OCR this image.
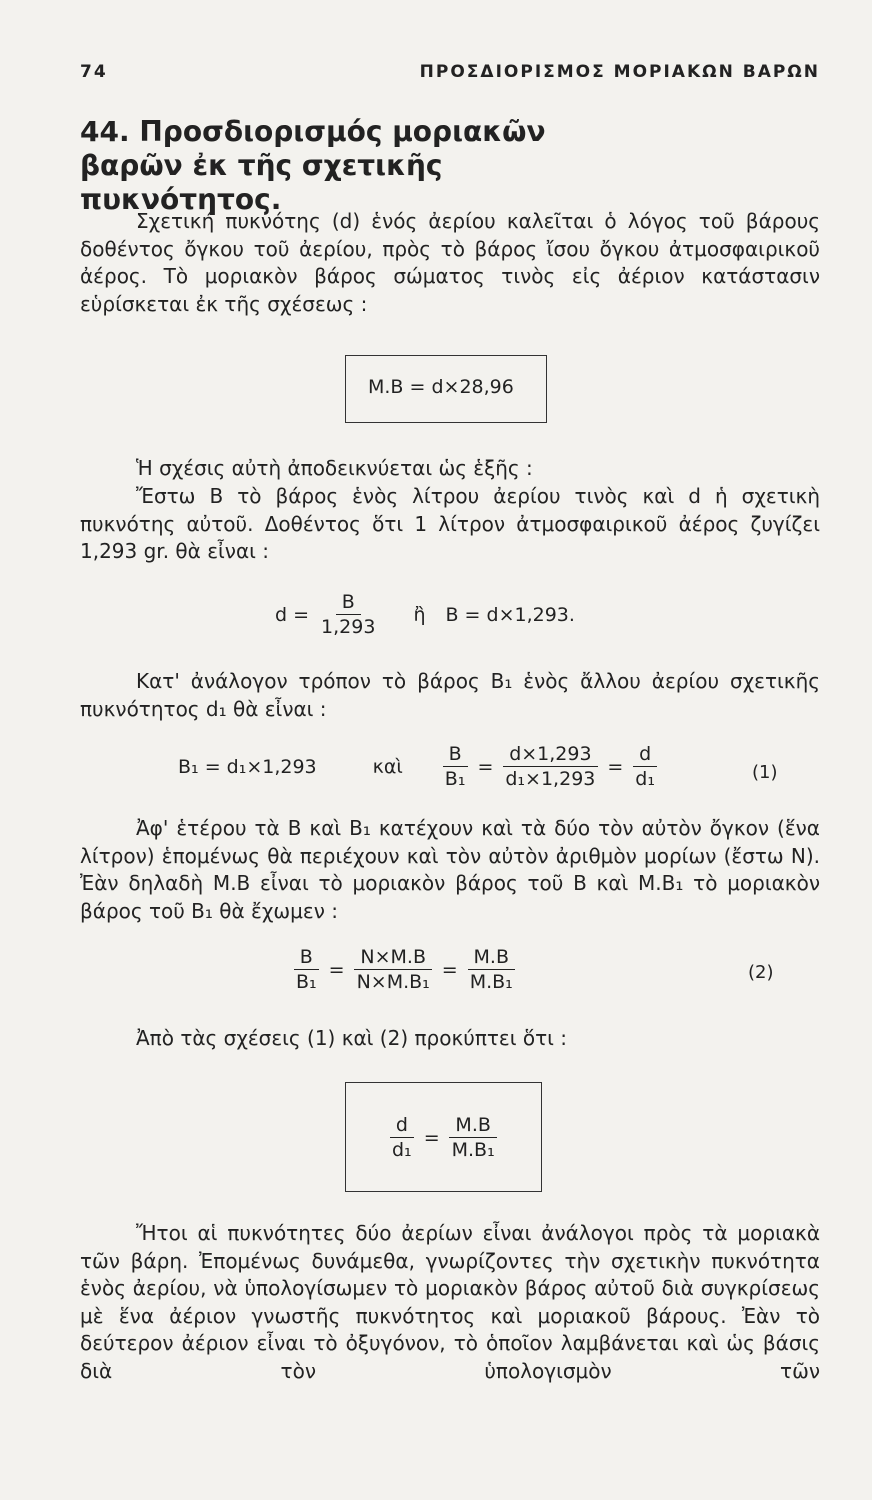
74	ΠΡΟΣΔΙΟΡΙΣΜΟΣ ΜΟΡΙΑΚΩΝ ΒΑΡΩΝ
44. Προσδιορισμός μοριακῶν βαρῶν ἐκ τῆς σχετικῆς πυκνότητος.
Σχετική πυκνότης (d) ἑνός ἀερίου καλεῖται ὁ λόγος τοῦ βάρους δοθέντος ὄγκου τοῦ ἀερίου, πρὸς τὸ βάρος ἴσου ὄγκου ἀτμοσφαιρικοῦ ἀέρος. Τὸ μοριακὸν βάρος σώματος τινὸς εἰς ἀέριον κατάστασιν εὑρίσκεται ἐκ τῆς σχέσεως :
Μ.Β = d×28,96
Ἡ σχέσις αὐτὴ ἀποδεικνύεται ὡς ἑξῆς :
Ἔστω Β τὸ βάρος ἑνὸς λίτρου ἀερίου τινὸς καὶ d ἡ σχετικὴ πυκνότης αὐτοῦ. Δοθέντος ὅτι 1 λίτρον ἀτμοσφαιρικοῦ ἀέρος ζυγίζει 1,293 gr. θὰ εἶναι :
$d = \frac{B}{1,293}$ ἢ Β = d×1,293.
Κατ' ἀνάλογον τρόπον τὸ βάρος Β₁ ἑνὸς ἄλλου ἀερίου σχετικῆς πυκνότητος d₁ θὰ εἶναι :
Β₁ = d₁×1,293	καὶ $\frac{B}{\text{Β₁}} = \frac{d\times 1,293}{\text{d₁×1,293}} = \frac{d}{\text{d₁}}$	(1)
Ἀφ' ἑτέρου τὰ Β καὶ Β₁ κατέχουν καὶ τὰ δύο τὸν αὐτὸν ὄγκον (ἕνα λίτρον) ἑπομένως θὰ περιέχουν καὶ τὸν αὐτὸν ἀριθμὸν μορίων (ἔστω Ν). Ἐὰν δηλαδὴ Μ.Β εἶναι τὸ μοριακὸν βάρος τοῦ Β καὶ Μ.Β₁ τὸ μοριακὸν βάρος τοῦ Β₁ θὰ ἔχωμεν :
$\frac{B}{\text{Β₁}} = \frac{N\times M.B}{\text{Ν×Μ.Β₁}} = \frac{M.B}{\text{Μ.Β₁}}$	(2)
Ἀπὸ τὰς σχέσεις (1) καὶ (2) προκύπτει ὅτι :
$\frac{d}{\text{d₁}} = \frac{M.B}{\text{Μ.Β₁}}$
Ἤτοι αἱ πυκνότητες δύο ἀερίων εἶναι ἀνάλογοι πρὸς τὰ μοριακὰ τῶν βάρη. Ἐπομένως δυνάμεθα, γνωρίζοντες τὴν σχετικὴν πυκνότητα ἑνὸς ἀερίου, νὰ ὑπολογίσωμεν τὸ μοριακὸν βάρος αὐτοῦ διὰ συγκρίσεως μὲ ἕνα ἀέριον γνωστῆς πυκνότητος καὶ μοριακοῦ βάρους. Ἐὰν τὸ δεύτερον ἀέριον εἶναι τὸ ὀξυγόνον, τὸ ὁποῖον λαμβάνεται καὶ ὡς βάσις διὰ τὸν ὑπολογισμὸν τῶν
